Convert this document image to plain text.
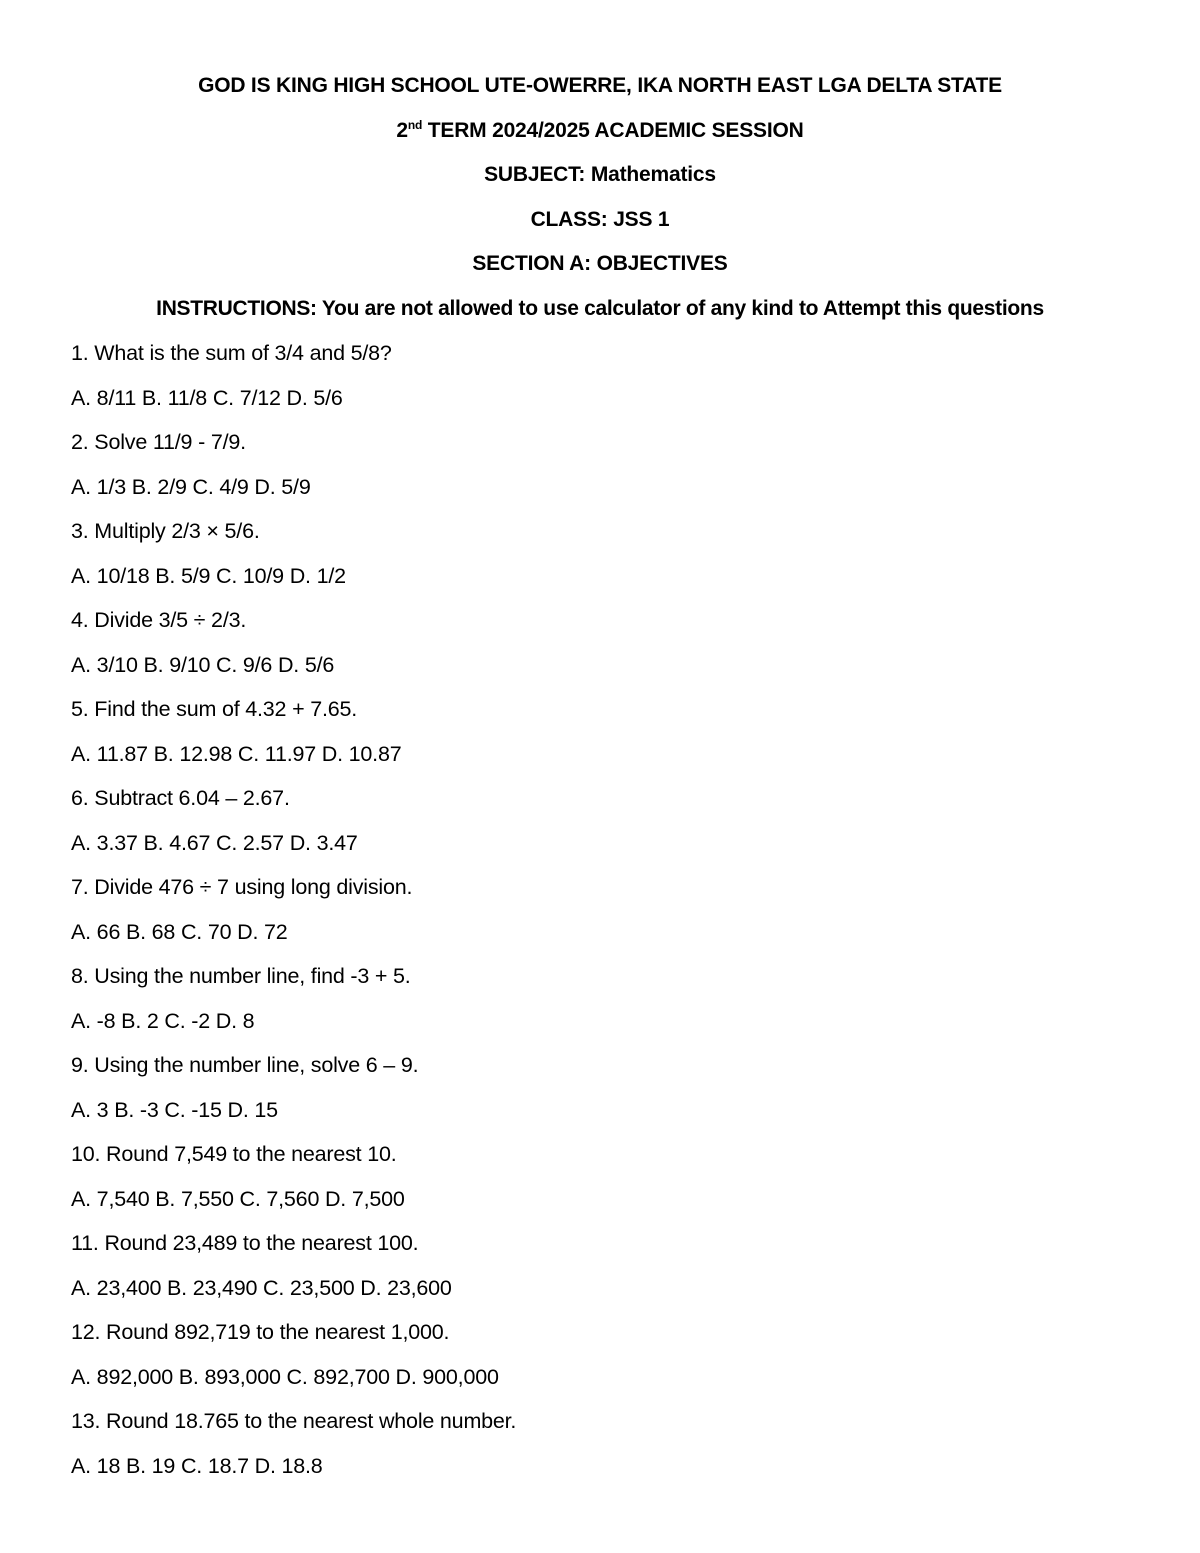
GOD IS KING HIGH SCHOOL UTE-OWERRE, IKA NORTH EAST LGA DELTA STATE
2nd TERM 2024/2025 ACADEMIC SESSION
SUBJECT: Mathematics
CLASS: JSS 1
SECTION A: OBJECTIVES
INSTRUCTIONS: You are not allowed to use calculator of any kind to Attempt this questions
1. What is the sum of 3/4 and 5/8?
A. 8/11 B. 11/8 C. 7/12 D. 5/6
2. Solve 11/9 - 7/9.
A. 1/3 B. 2/9 C. 4/9 D. 5/9
3. Multiply 2/3 × 5/6.
A. 10/18 B. 5/9 C. 10/9 D. 1/2
4. Divide 3/5 ÷ 2/3.
A. 3/10 B. 9/10 C. 9/6 D. 5/6
5. Find the sum of 4.32 + 7.65.
A. 11.87 B. 12.98 C. 11.97 D. 10.87
6. Subtract 6.04 – 2.67.
A. 3.37 B. 4.67 C. 2.57 D. 3.47
7. Divide 476 ÷ 7 using long division.
A. 66 B. 68 C. 70 D. 72
8. Using the number line, find -3 + 5.
A. -8 B. 2 C. -2 D. 8
9. Using the number line, solve 6 – 9.
A. 3 B. -3 C. -15 D. 15
10. Round 7,549 to the nearest 10.
A. 7,540 B. 7,550 C. 7,560 D. 7,500
11. Round 23,489 to the nearest 100.
A. 23,400 B. 23,490 C. 23,500 D. 23,600
12. Round 892,719 to the nearest 1,000.
A. 892,000 B. 893,000 C. 892,700 D. 900,000
13. Round 18.765 to the nearest whole number.
A. 18 B. 19 C. 18.7 D. 18.8
